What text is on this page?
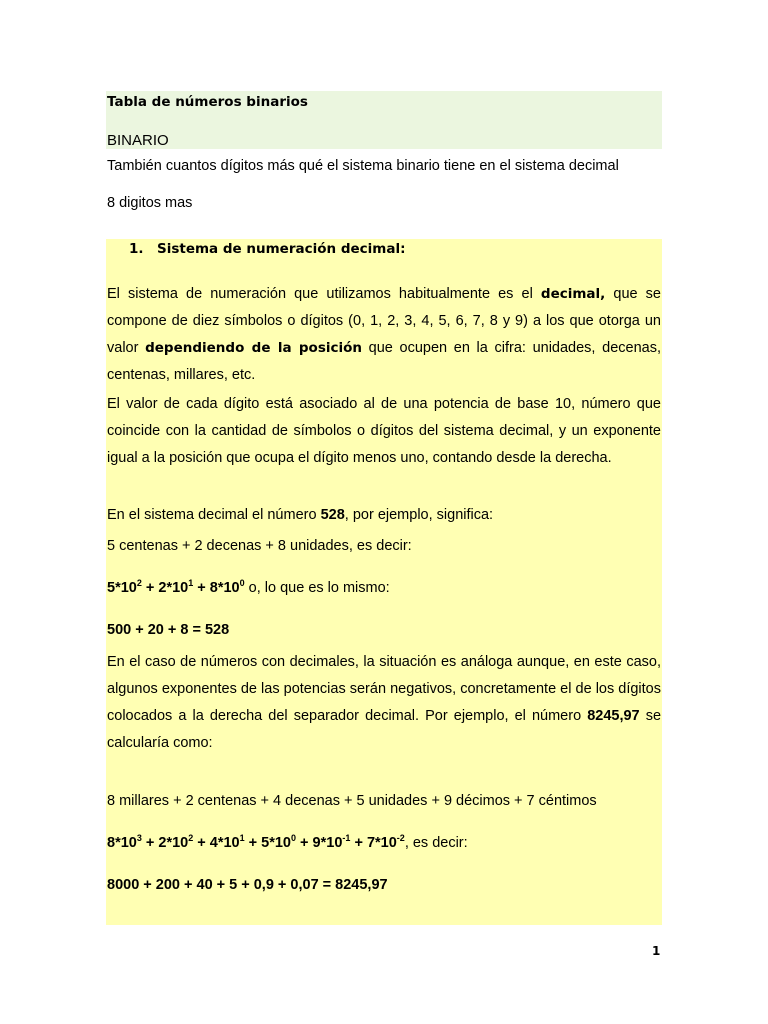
Tabla de números binarios
BINARIO
También cuantos dígitos más qué el sistema binario tiene en el sistema decimal
8 digitos mas
1. Sistema de numeración decimal:
El sistema de numeración que utilizamos habitualmente es el decimal, que se compone de diez símbolos o dígitos (0, 1, 2, 3, 4, 5, 6, 7, 8 y 9) a los que otorga un valor dependiendo de la posición que ocupen en la cifra: unidades, decenas, centenas, millares, etc.
El valor de cada dígito está asociado al de una potencia de base 10, número que coincide con la cantidad de símbolos o dígitos del sistema decimal, y un exponente igual a la posición que ocupa el dígito menos uno, contando desde la derecha.
En el sistema decimal el número 528, por ejemplo, significa:
5 centenas + 2 decenas + 8 unidades, es decir:
$5*10^2 + 2*10^1 + 8*10^0$ o, lo que es lo mismo:
500 + 20 + 8 = 528
En el caso de números con decimales, la situación es análoga aunque, en este caso, algunos exponentes de las potencias serán negativos, concretamente el de los dígitos colocados a la derecha del separador decimal. Por ejemplo, el número 8245,97 se calcularía como:
8 millares + 2 centenas + 4 decenas + 5 unidades + 9 décimos + 7 céntimos
$8*10^3 + 2*10^2 + 4*10^1 + 5*10^0 + 9*10^{-1} + 7*10^{-2}$, es decir:
8000 + 200 + 40 + 5 + 0,9 + 0,07 = 8245,97
1
